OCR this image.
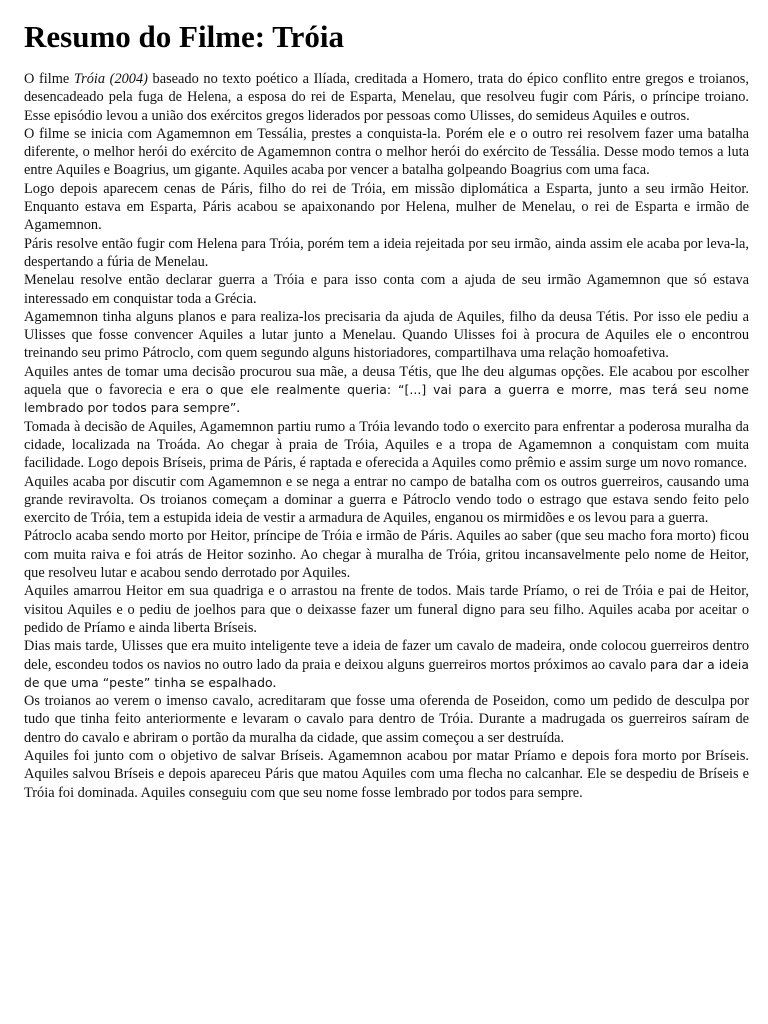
Resumo do Filme: Tróia

O filme Tróia (2004) baseado no texto poético a Ilíada, creditada a Homero, trata do épico conflito entre gregos e troianos, desencadeado pela fuga de Helena, a esposa do rei de Esparta, Menelau, que resolveu fugir com Páris, o príncipe troiano. Esse episódio levou a união dos exércitos gregos liderados por pessoas como Ulisses, do semideus Aquiles e outros.

O filme se inicia com Agamemnon em Tessália, prestes a conquista-la. Porém ele e o outro rei resolvem fazer uma batalha diferente, o melhor herói do exército de Agamemnon contra o melhor herói do exército de Tessália. Desse modo temos a luta entre Aquiles e Boagrius, um gigante. Aquiles acaba por vencer a batalha golpeando Boagrius com uma faca.

Logo depois aparecem cenas de Páris, filho do rei de Tróia, em missão diplomática a Esparta, junto a seu irmão Heitor. Enquanto estava em Esparta, Páris acabou se apaixonando por Helena, mulher de Menelau, o rei de Esparta e irmão de Agamemnon.

Páris resolve então fugir com Helena para Tróia, porém tem a ideia rejeitada por seu irmão, ainda assim ele acaba por leva-la, despertando a fúria de Menelau.

Menelau resolve então declarar guerra a Tróia e para isso conta com a ajuda de seu irmão Agamemnon que só estava interessado em conquistar toda a Grécia.

Agamemnon tinha alguns planos e para realiza-los precisaria da ajuda de Aquiles, filho da deusa Tétis. Por isso ele pediu a Ulisses que fosse convencer Aquiles a lutar junto a Menelau. Quando Ulisses foi à procura de Aquiles ele o encontrou treinando seu primo Pátroclo, com quem segundo alguns historiadores, compartilhava uma relação homoafetiva.

Aquiles antes de tomar uma decisão procurou sua mãe, a deusa Tétis, que lhe deu algumas opções. Ele acabou por escolher aquela que o favorecia e era o que ele realmente queria: “[...] vai para a guerra e morre, mas terá seu nome lembrado por todos para sempre”.

Tomada à decisão de Aquiles, Agamemnon partiu rumo a Tróia levando todo o exercito para enfrentar a poderosa muralha da cidade, localizada na Troáda. Ao chegar à praia de Tróia, Aquiles e a tropa de Agamemnon a conquistam com muita facilidade. Logo depois Bríseis, prima de Páris, é raptada e oferecida a Aquiles como prêmio e assim surge um novo romance.

Aquiles acaba por discutir com Agamemnon e se nega a entrar no campo de batalha com os outros guerreiros, causando uma grande reviravolta. Os troianos começam a dominar a guerra e Pátroclo vendo todo o estrago que estava sendo feito pelo exercito de Tróia, tem a estupida ideia de vestir a armadura de Aquiles, enganou os mirmidões e os levou para a guerra.

Pátroclo acaba sendo morto por Heitor, príncipe de Tróia e irmão de Páris. Aquiles ao saber (que seu macho fora morto) ficou com muita raiva e foi atrás de Heitor sozinho. Ao chegar à muralha de Tróia, gritou incansavelmente pelo nome de Heitor, que resolveu lutar e acabou sendo derrotado por Aquiles.

Aquiles amarrou Heitor em sua quadriga e o arrastou na frente de todos. Mais tarde Príamo, o rei de Tróia e pai de Heitor, visitou Aquiles e o pediu de joelhos para que o deixasse fazer um funeral digno para seu filho. Aquiles acaba por aceitar o pedido de Príamo e ainda liberta Bríseis.

Dias mais tarde, Ulisses que era muito inteligente teve a ideia de fazer um cavalo de madeira, onde colocou guerreiros dentro dele, escondeu todos os navios no outro lado da praia e deixou alguns guerreiros mortos próximos ao cavalo para dar a ideia de que uma “peste” tinha se espalhado.

Os troianos ao verem o imenso cavalo, acreditaram que fosse uma oferenda de Poseidon, como um pedido de desculpa por tudo que tinha feito anteriormente e levaram o cavalo para dentro de Tróia. Durante a madrugada os guerreiros saíram de dentro do cavalo e abriram o portão da muralha da cidade, que assim começou a ser destruída.

Aquiles foi junto com o objetivo de salvar Bríseis. Agamemnon acabou por matar Príamo e depois fora morto por Bríseis. Aquiles salvou Bríseis e depois apareceu Páris que matou Aquiles com uma flecha no calcanhar. Ele se despediu de Bríseis e Tróia foi dominada. Aquiles conseguiu com que seu nome fosse lembrado por todos para sempre.
